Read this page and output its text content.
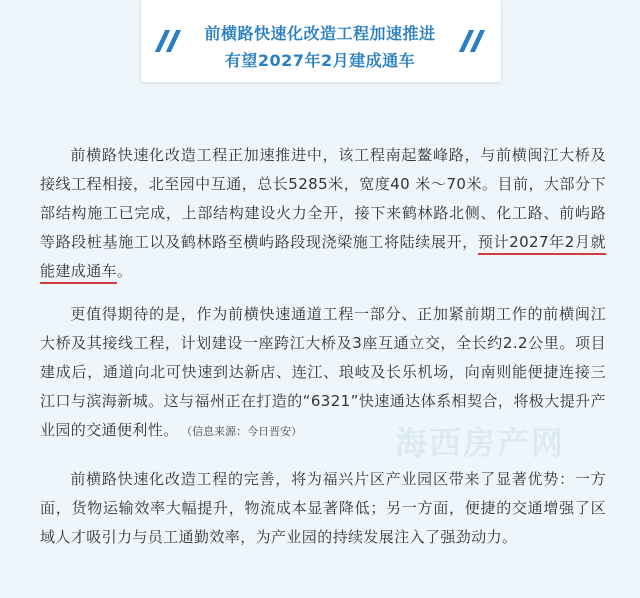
前横路快速化改造工程加速推进
有望2027年2月建成通车
海西房产网
前横路快速化改造工程正加速推进中，该工程南起鳌峰路，与前横闽江大桥及接线工程相接，北至园中互通，总长5285米，宽度40 米～70米。目前，大部分下部结构施工已完成，上部结构建设火力全开，接下来鹤林路北侧、化工路、前屿路等路段桩基施工以及鹤林路至横屿路段现浇梁施工将陆续展开，预计2027年2月就能建成通车。
更值得期待的是，作为前横快速通道工程一部分、正加紧前期工作的前横闽江大桥及其接线工程，计划建设一座跨江大桥及3座互通立交，全长约2.2公里。项目建成后，通道向北可快速到达新店、连江、琅岐及长乐机场，向南则能便捷连接三江口与滨海新城。这与福州正在打造的“6321”快速通达体系相契合，将极大提升产业园的交通便利性。 （信息来源：今日晋安）
前横路快速化改造工程的完善，将为福兴片区产业园区带来了显著优势：一方面，货物运输效率大幅提升，物流成本显著降低；另一方面，便捷的交通增强了区域人才吸引力与员工通勤效率，为产业园的持续发展注入了强劲动力。
